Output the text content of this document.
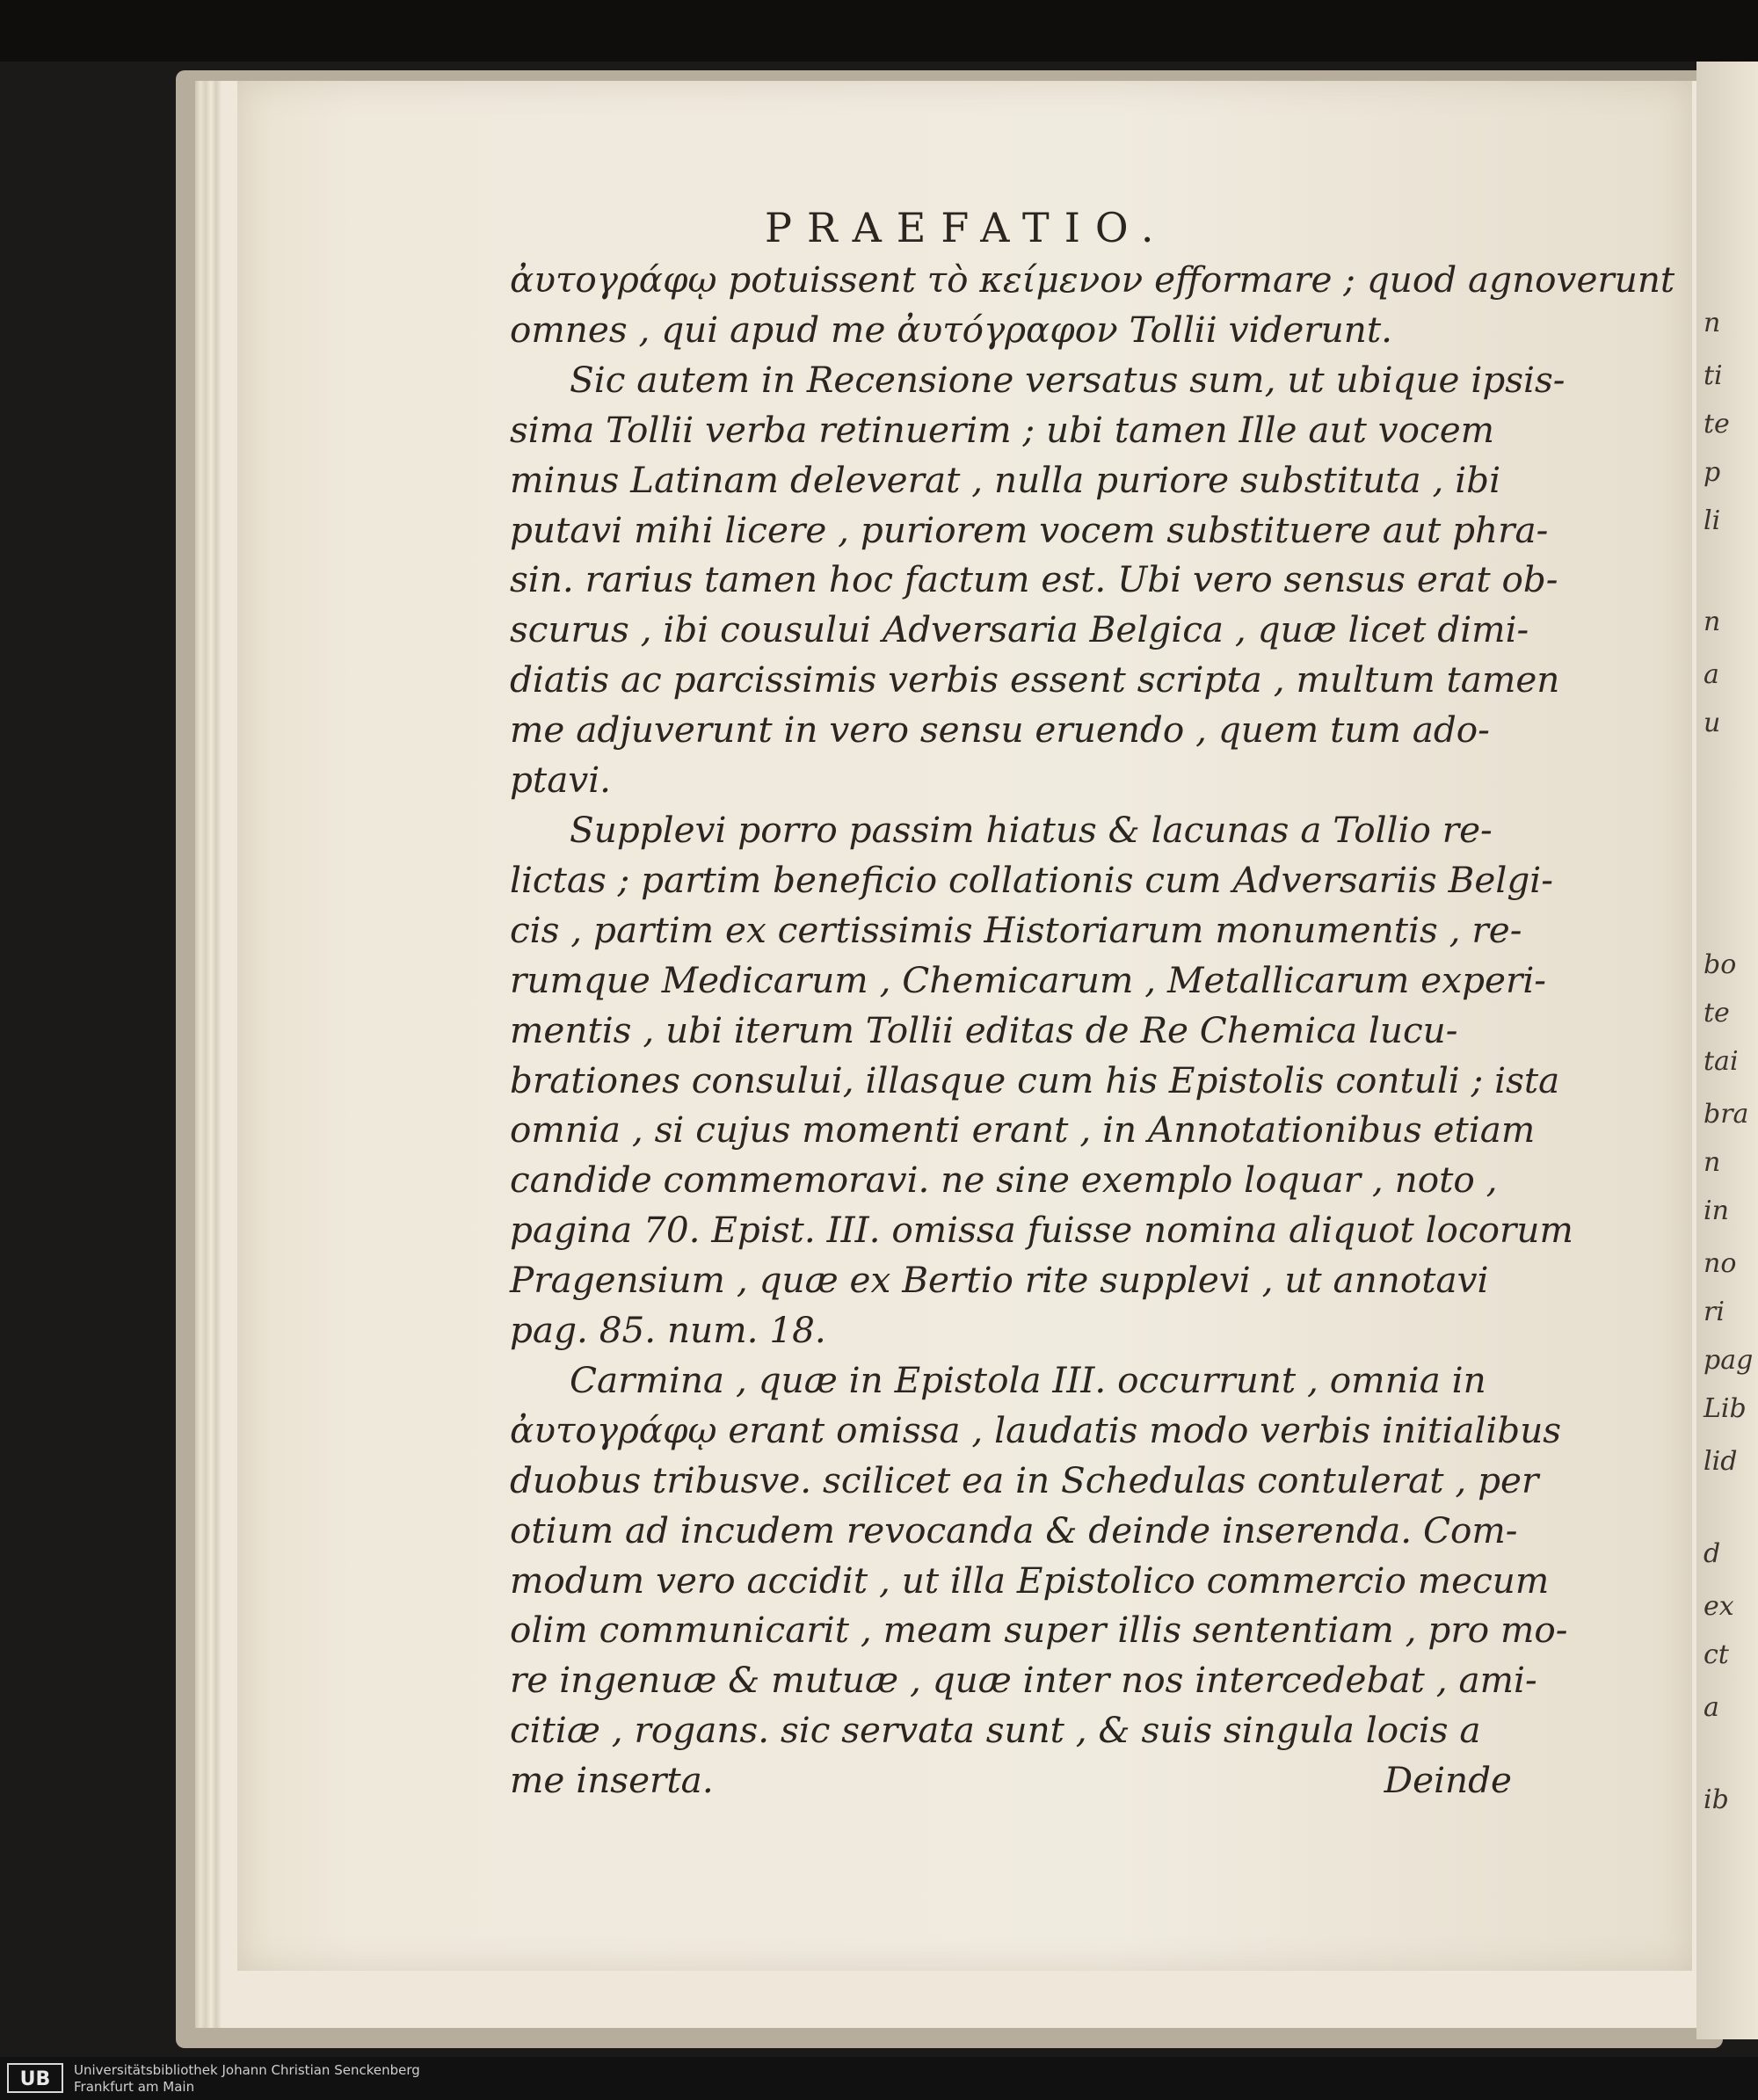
n
ti
te
p
li
n
a
u
bo
te
tai
bra
n
in
no
ri
pag
Lib
lid
d
ex
ct
a
ib
PRAEFATIO.
ἀυτογράφῳ potuissent τὸ κείμενον efformare ; quod agnoverunt
omnes , qui apud me ἀυτόγραφον Tollii viderunt.
Sic autem in Recensione versatus sum, ut ubique ipsis-
sima Tollii verba retinuerim ; ubi tamen Ille aut vocem
minus Latinam deleverat , nulla puriore substituta , ibi
putavi mihi licere , puriorem vocem substituere aut phra-
sin. rarius tamen hoc factum est. Ubi vero sensus erat ob-
scurus , ibi cousului Adversaria Belgica , quæ licet dimi-
diatis ac parcissimis verbis essent scripta , multum tamen
me adjuverunt in vero sensu eruendo , quem tum ado-
ptavi.
Supplevi porro passim hiatus & lacunas a Tollio re-
lictas ; partim beneficio collationis cum Adversariis Belgi-
cis , partim ex certissimis Historiarum monumentis , re-
rumque Medicarum , Chemicarum , Metallicarum experi-
mentis , ubi iterum Tollii editas de Re Chemica lucu-
brationes consului, illasque cum his Epistolis contuli ; ista
omnia , si cujus momenti erant , in Annotationibus etiam
candide commemoravi. ne sine exemplo loquar , noto ,
pagina 70. Epist. III. omissa fuisse nomina aliquot locorum
Pragensium , quæ ex Bertio rite supplevi , ut annotavi
pag. 85. num. 18.
Carmina , quæ in Epistola III. occurrunt , omnia in
ἀυτογράφῳ erant omissa , laudatis modo verbis initialibus
duobus tribusve. scilicet ea in Schedulas contulerat , per
otium ad incudem revocanda & deinde inserenda. Com-
modum vero accidit , ut illa Epistolico commercio mecum
olim communicarit , meam super illis sententiam , pro mo-
re ingenuæ & mutuæ , quæ inter nos intercedebat , ami-
citiæ , rogans. sic servata sunt , & suis singula locis a
me inserta.	Deinde
UB	Universitätsbibliothek Johann Christian Senckenberg
Frankfurt am Main
